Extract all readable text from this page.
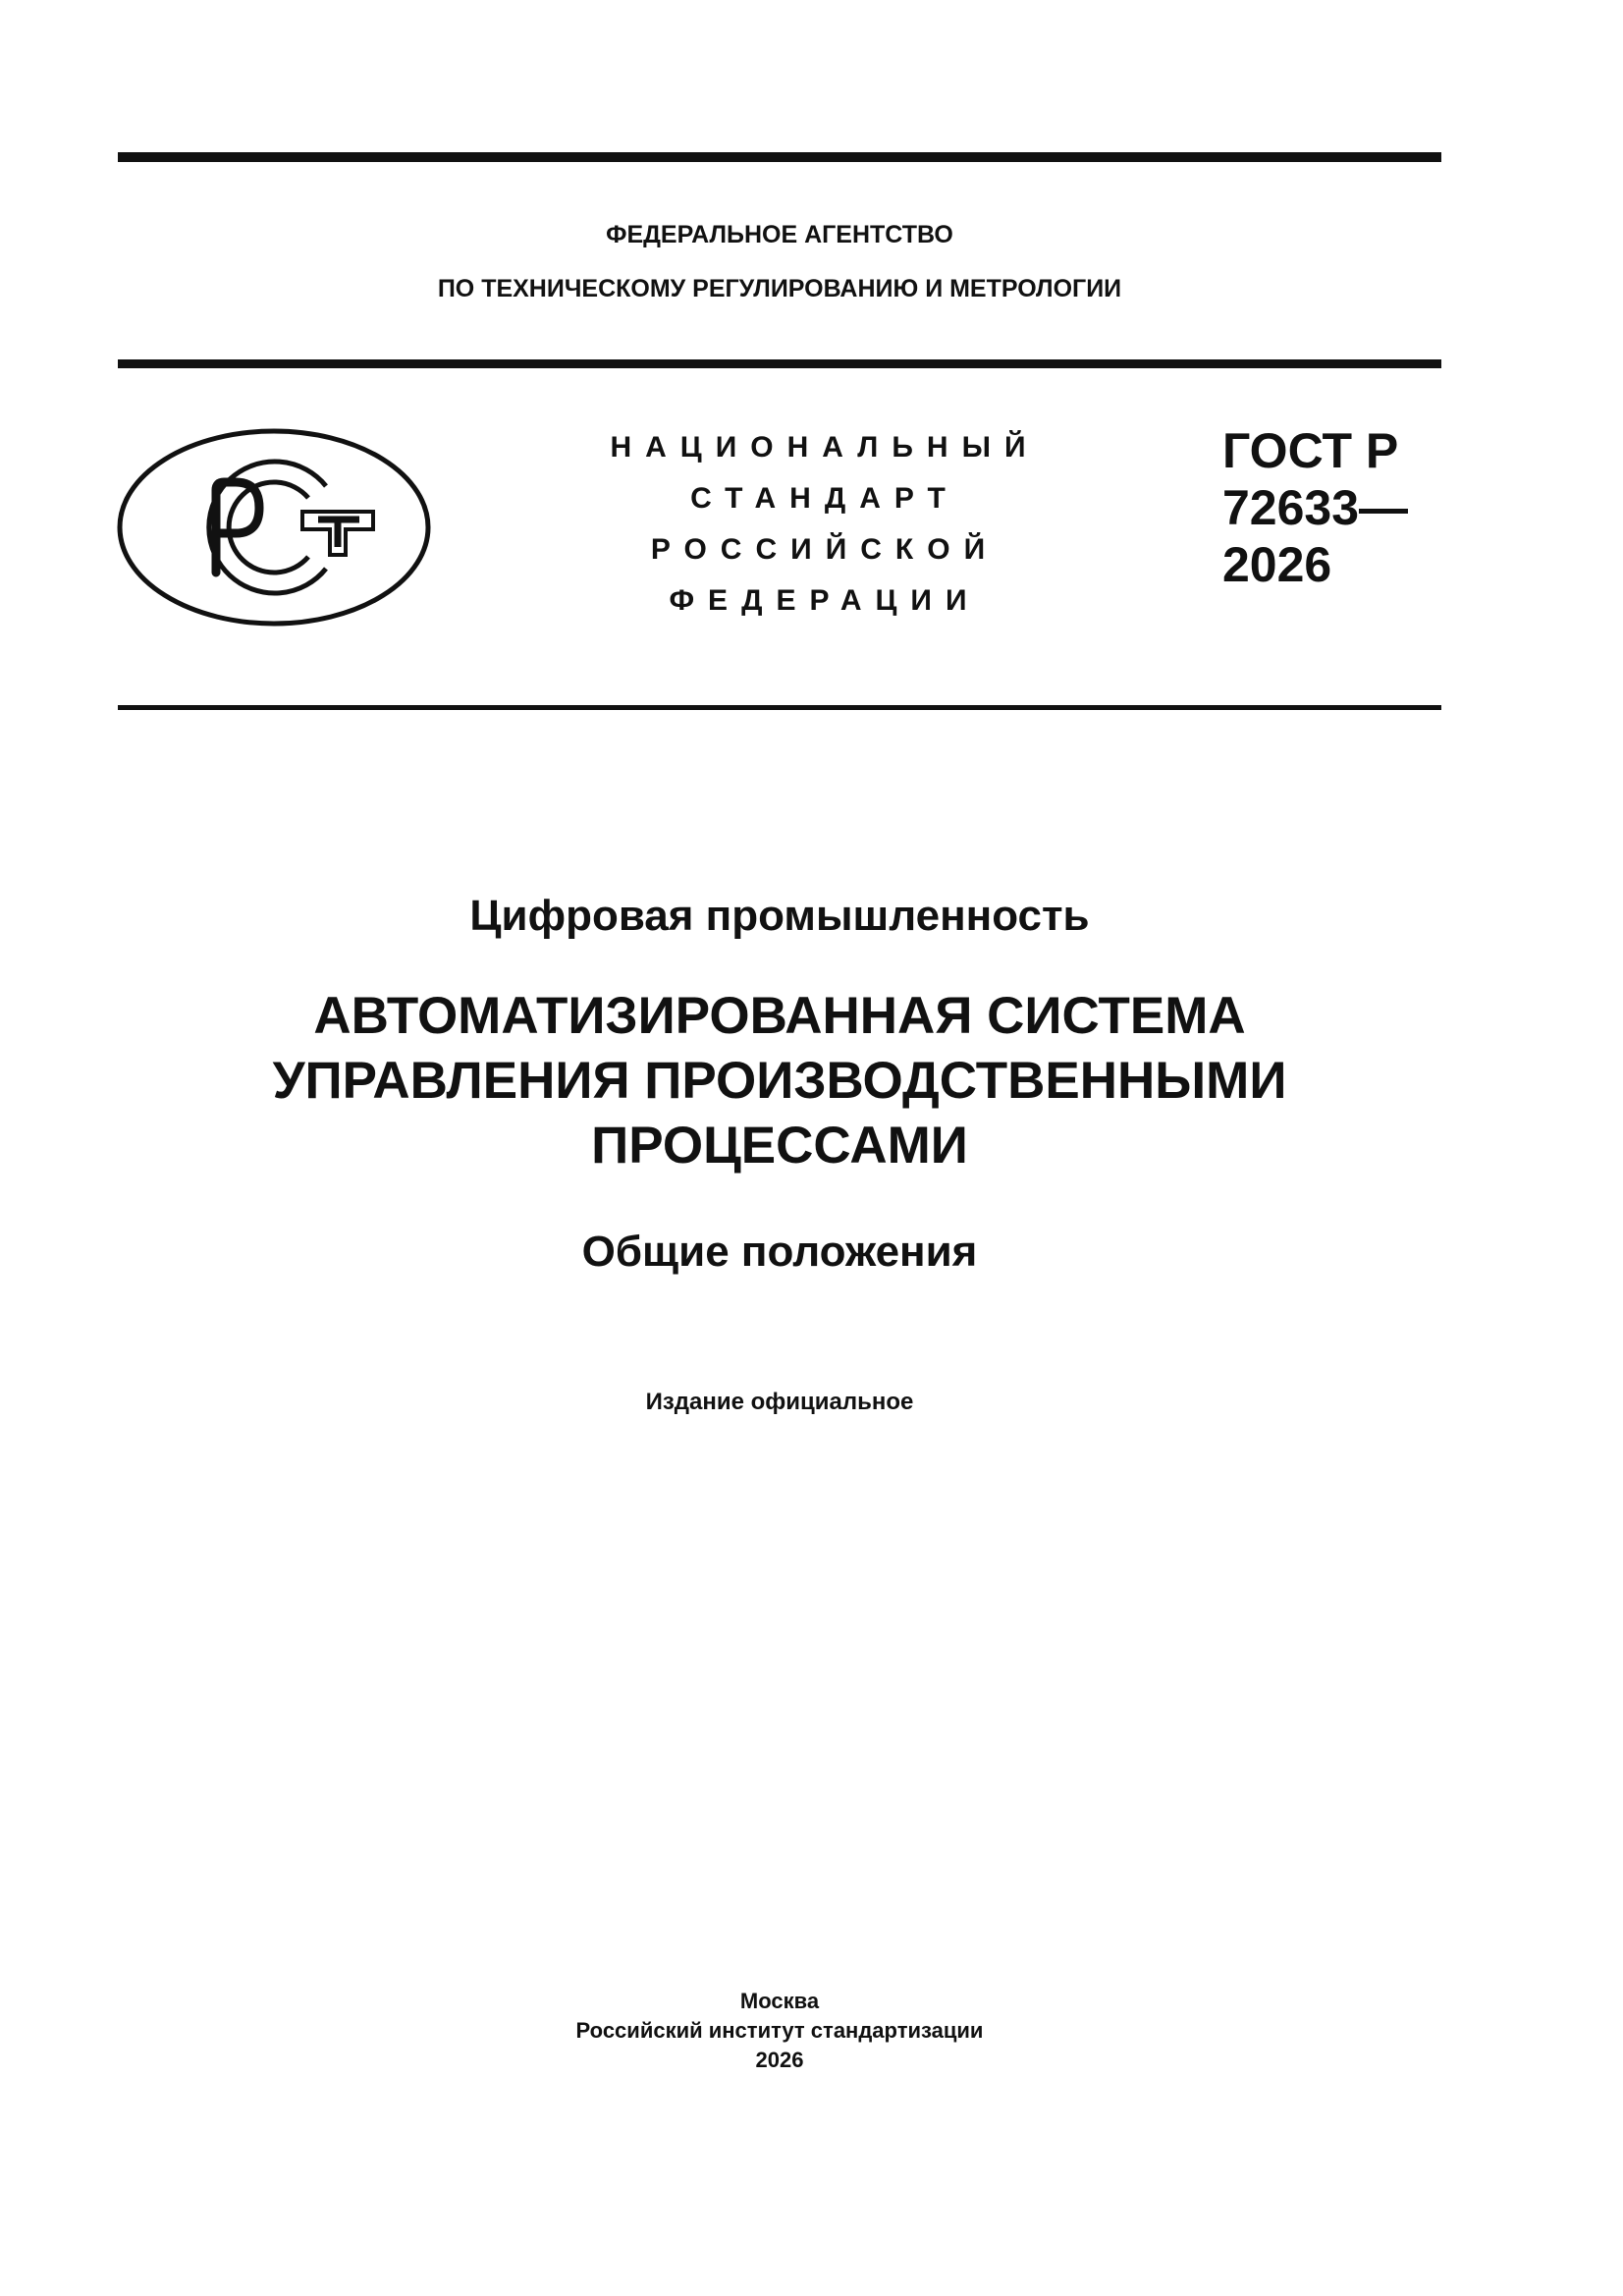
ФЕДЕРАЛЬНОЕ АГЕНТСТВО
ПО ТЕХНИЧЕСКОМУ РЕГУЛИРОВАНИЮ И МЕТРОЛОГИИ
НАЦИОНАЛЬНЫЙ
СТАНДАРТ
РОССИЙСКОЙ
ФЕДЕРАЦИИ
ГОСТ Р
72633—
2026
Цифровая промышленность
АВТОМАТИЗИРОВАННАЯ СИСТЕМА
УПРАВЛЕНИЯ ПРОИЗВОДСТВЕННЫМИ
ПРОЦЕССАМИ
Общие положения
Издание официальное
Москва
Российский институт стандартизации
2026
